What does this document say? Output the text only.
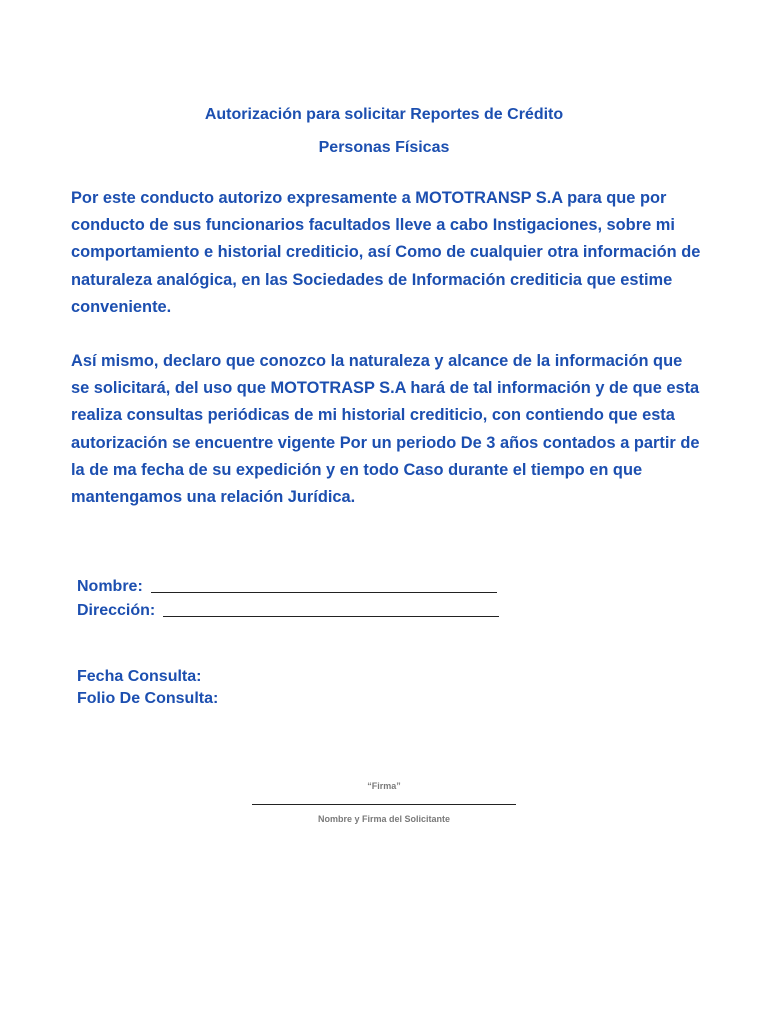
Autorización para solicitar Reportes de Crédito
Personas Físicas

Por este conducto autorizo expresamente a MOTOTRANSP S.A para que por conducto de sus funcionarios facultados lleve a cabo Instigaciones, sobre mi comportamiento e historial crediticio, así Como de cualquier otra información de naturaleza analógica, en las Sociedades de Información crediticia que estime conveniente.

Así mismo, declaro que conozco la naturaleza y alcance de la información que se solicitará, del uso que MOTOTRASP S.A hará de tal información y de que esta realiza consultas periódicas de mi historial crediticio, con contiendo que esta autorización se encuentre vigente Por un periodo De 3 años contados a partir de la de ma fecha de su expedición y en todo Caso durante el tiempo en que mantengamos una relación Jurídica.

Nombre:
Dirección:
Fecha Consulta:
Folio De Consulta:
“Firma”
Nombre y Firma del Solicitante
